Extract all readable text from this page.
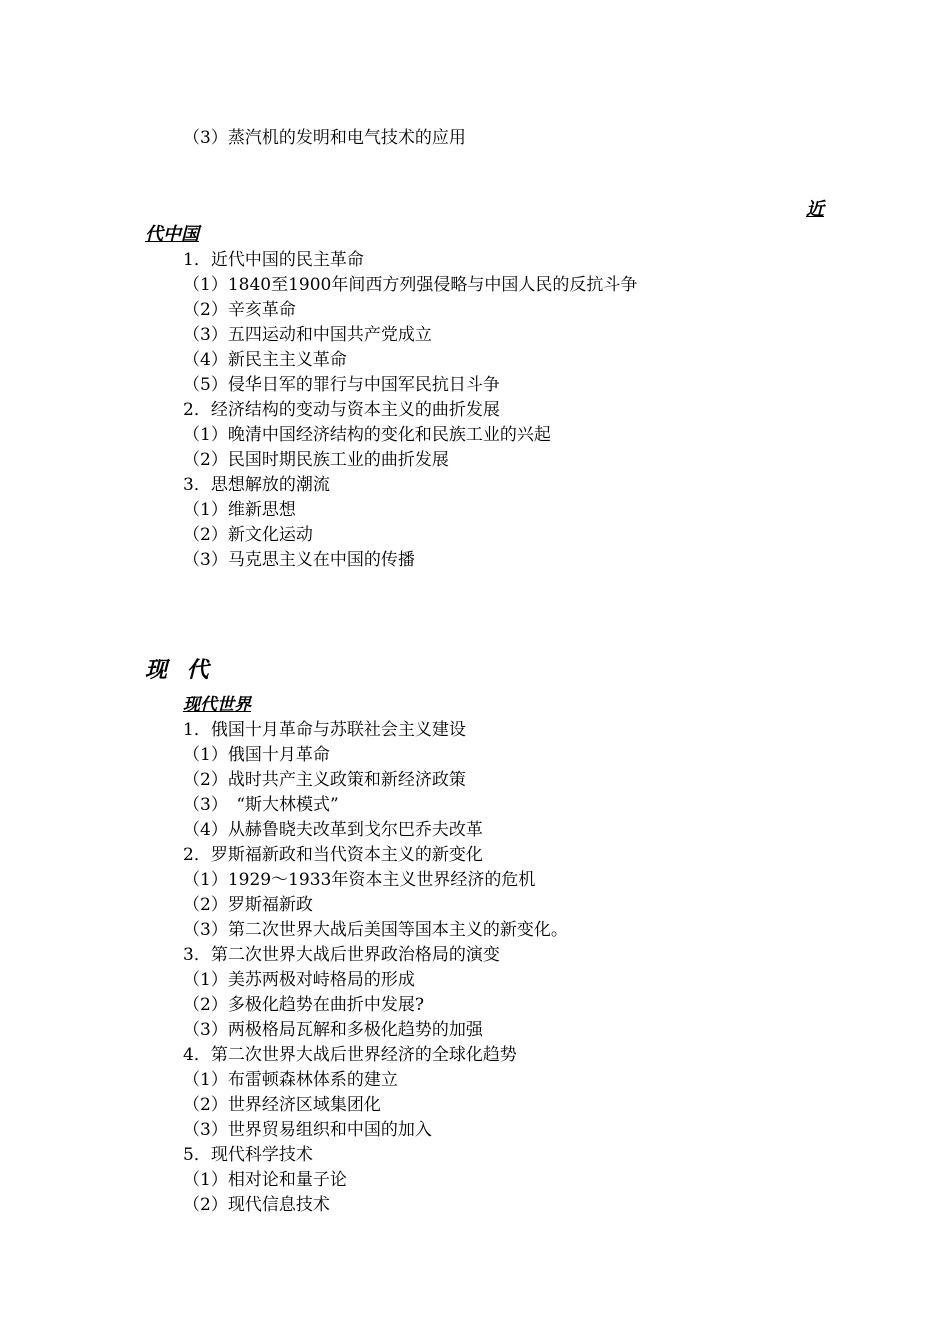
（3）蒸汽机的发明和电气技术的应用
近
代中国
1．近代中国的民主革命
（1）1840至1900年间西方列强侵略与中国人民的反抗斗争
（2）辛亥革命
（3）五四运动和中国共产党成立
（4）新民主主义革命
（5）侵华日军的罪行与中国军民抗日斗争
2．经济结构的变动与资本主义的曲折发展
（1）晚清中国经济结构的变化和民族工业的兴起
（2）民国时期民族工业的曲折发展
3．思想解放的潮流
（1）维新思想
（2）新文化运动
（3）马克思主义在中国的传播
现 代
现代世界
1．俄国十月革命与苏联社会主义建设
（1）俄国十月革命
（2）战时共产主义政策和新经济政策
（3）　“斯大林模式”
（4）从赫鲁晓夫改革到戈尔巴乔夫改革
2．罗斯福新政和当代资本主义的新变化
（1）1929～1933年资本主义世界经济的危机
（2）罗斯福新政
（3）第二次世界大战后美国等国本主义的新变化。
3．第二次世界大战后世界政治格局的演变
（1）美苏两极对峙格局的形成
（2）多极化趋势在曲折中发展?
（3）两极格局瓦解和多极化趋势的加强
4．第二次世界大战后世界经济的全球化趋势
（1）布雷顿森林体系的建立
（2）世界经济区域集团化
（3）世界贸易组织和中国的加入
5．现代科学技术
（1）相对论和量子论
（2）现代信息技术
